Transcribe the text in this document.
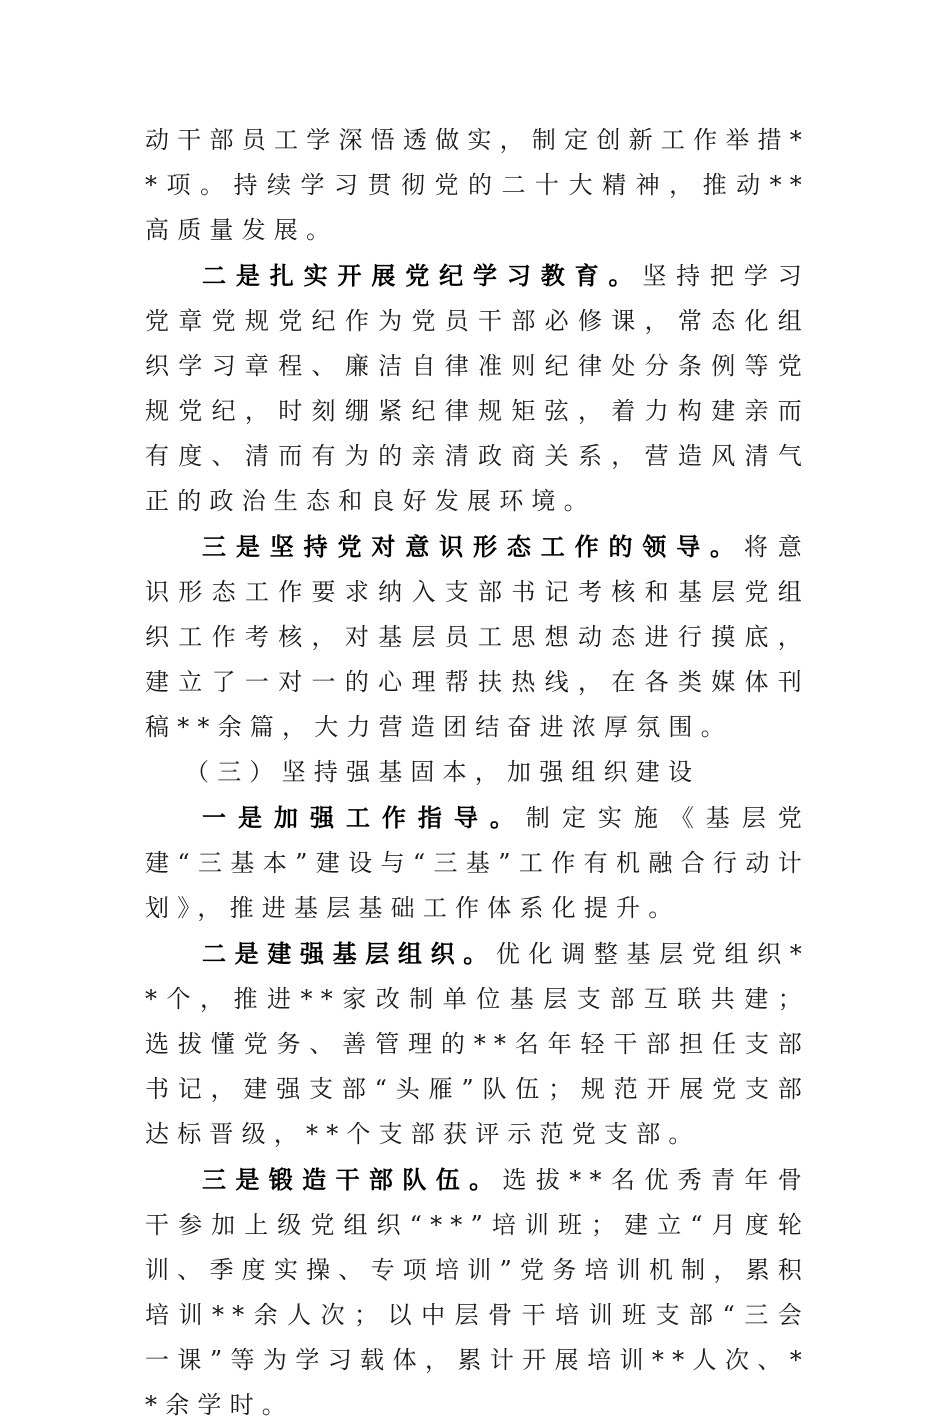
动干部员工学深悟透做实，制定创新工作举措**项。持续学习贯彻党的二十大精神，推动**高质量发展。

二是扎实开展党纪学习教育。坚持把学习党章党规党纪作为党员干部必修课，常态化组织学习章程、廉洁自律准则纪律处分条例等党规党纪，时刻绷紧纪律规矩弦，着力构建亲而有度、清而有为的亲清政商关系，营造风清气正的政治生态和良好发展环境。

三是坚持党对意识形态工作的领导。将意识形态工作要求纳入支部书记考核和基层党组织工作考核，对基层员工思想动态进行摸底，建立了一对一的心理帮扶热线，在各类媒体刊稿**余篇，大力营造团结奋进浓厚氛围。

（三）坚持强基固本，加强组织建设

一是加强工作指导。制定实施《基层党建“三基本”建设与“三基”工作有机融合行动计划》，推进基层基础工作体系化提升。

二是建强基层组织。优化调整基层党组织**个，推进**家改制单位基层支部互联共建；选拔懂党务、善管理的**名年轻干部担任支部书记，建强支部“头雁”队伍；规范开展党支部达标晋级，**个支部获评示范党支部。

三是锻造干部队伍。选拔**名优秀青年骨干参加上级党组织“**”培训班；建立“月度轮训、季度实操、专项培训”党务培训机制，累积培训**余人次；以中层骨干培训班支部“三会一课”等为学习载体，累计开展培训**人次、**余学时。
